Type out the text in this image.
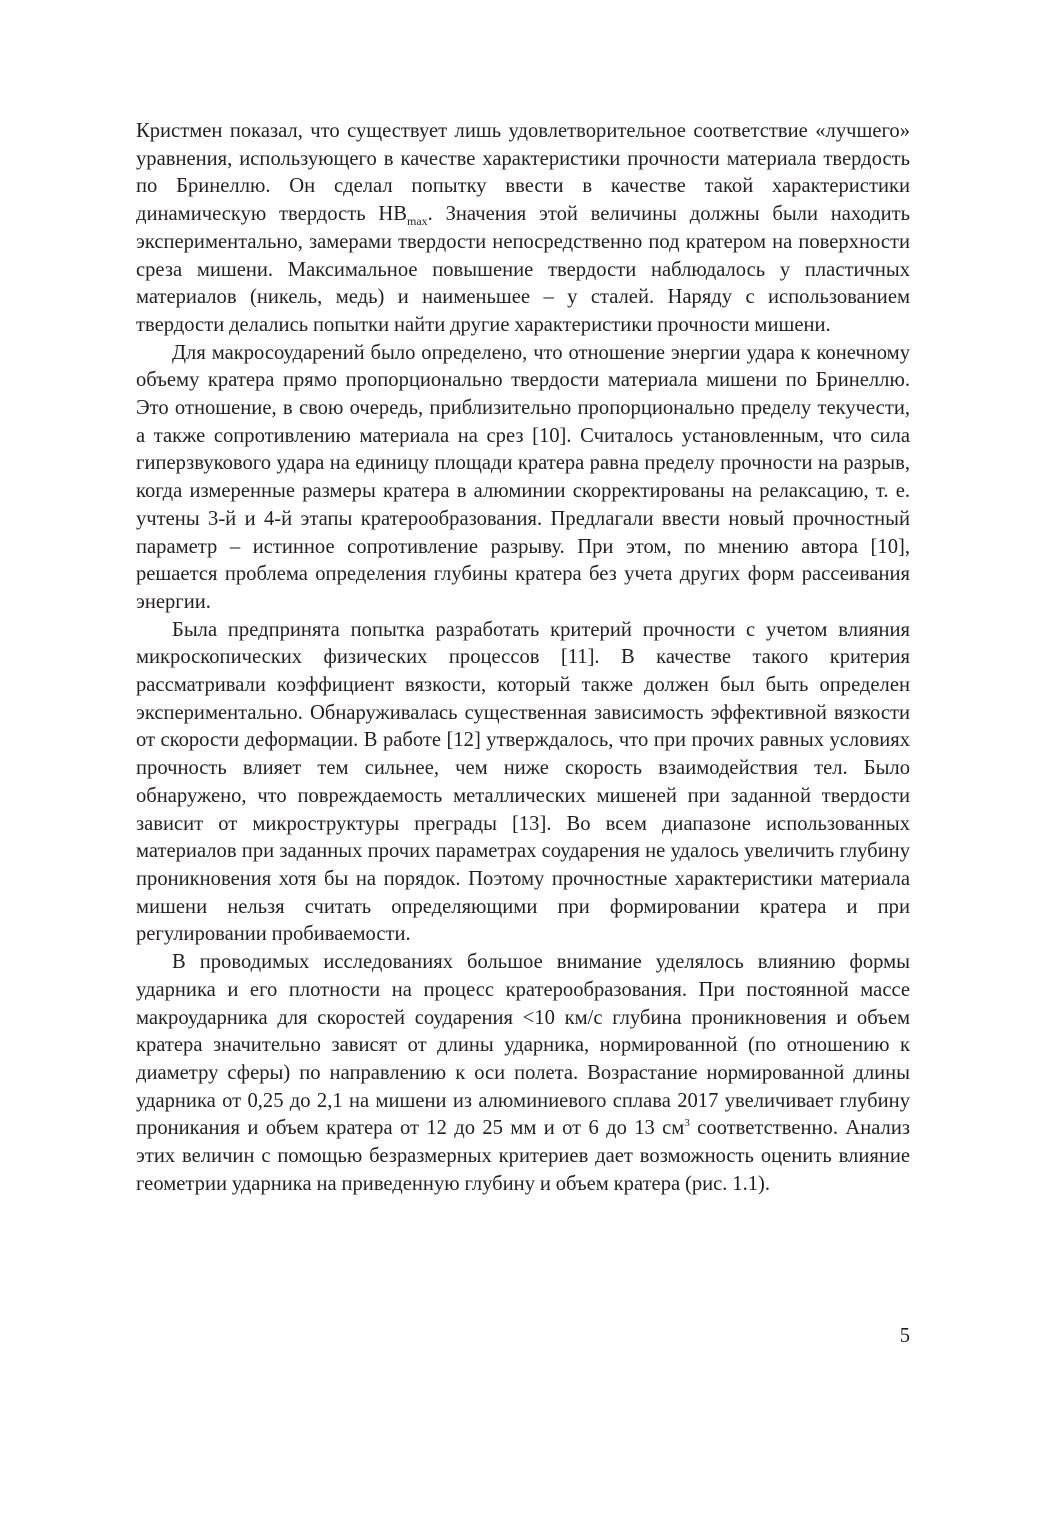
Кристмен показал, что существует лишь удовлетворительное соответствие «лучшего» уравнения, использующего в качестве характеристики прочности материала твердость по Бринеллю. Он сделал попытку ввести в качестве такой характеристики динамическую твердость $HB_{max}$. Значения этой величины должны были находить экспериментально, замерами твердости непосредственно под кратером на поверхности среза мишени. Максимальное повышение твердости наблюдалось у пластичных материалов (никель, медь) и наименьшее – у сталей. Наряду с использованием твердости делались попытки найти другие характеристики прочности мишени.

Для макросоударений было определено, что отношение энергии удара к конечному объему кратера прямо пропорционально твердости материала мишени по Бринеллю. Это отношение, в свою очередь, приблизительно пропорционально пределу текучести, а также сопротивлению материала на срез [10]. Считалось установленным, что сила гиперзвукового удара на единицу площади кратера равна пределу прочности на разрыв, когда измеренные размеры кратера в алюминии скорректированы на релаксацию, т. е. учтены 3-й и 4-й этапы кратерообразования. Предлагали ввести новый прочностный параметр – истинное сопротивление разрыву. При этом, по мнению автора [10], решается проблема определения глубины кратера без учета других форм рассеивания энергии.

Была предпринята попытка разработать критерий прочности с учетом влияния микроскопических физических процессов [11]. В качестве такого критерия рассматривали коэффициент вязкости, который также должен был быть определен экспериментально. Обнаруживалась существенная зависимость эффективной вязкости от скорости деформации. В работе [12] утверждалось, что при прочих равных условиях прочность влияет тем сильнее, чем ниже скорость взаимодействия тел. Было обнаружено, что повреждаемость металлических мишеней при заданной твердости зависит от микроструктуры преграды [13]. Во всем диапазоне использованных материалов при заданных прочих параметрах соударения не удалось увеличить глубину проникновения хотя бы на порядок. Поэтому прочностные характеристики материала мишени нельзя считать определяющими при формировании кратера и при регулировании пробиваемости.

В проводимых исследованиях большое внимание уделялось влиянию формы ударника и его плотности на процесс кратерообразования. При постоянной массе макроударника для скоростей соударения <10 км/с глубина проникновения и объем кратера значительно зависят от длины ударника, нормированной (по отношению к диаметру сферы) по направлению к оси полета. Возрастание нормированной длины ударника от 0,25 до 2,1 на мишени из алюминиевого сплава 2017 увеличивает глубину проникания и объем кратера от 12 до 25 мм и от 6 до 13 $см^3$ соответственно. Анализ этих величин с помощью безразмерных критериев дает возможность оценить влияние геометрии ударника на приведенную глубину и объем кратера (рис. 1.1).

5
